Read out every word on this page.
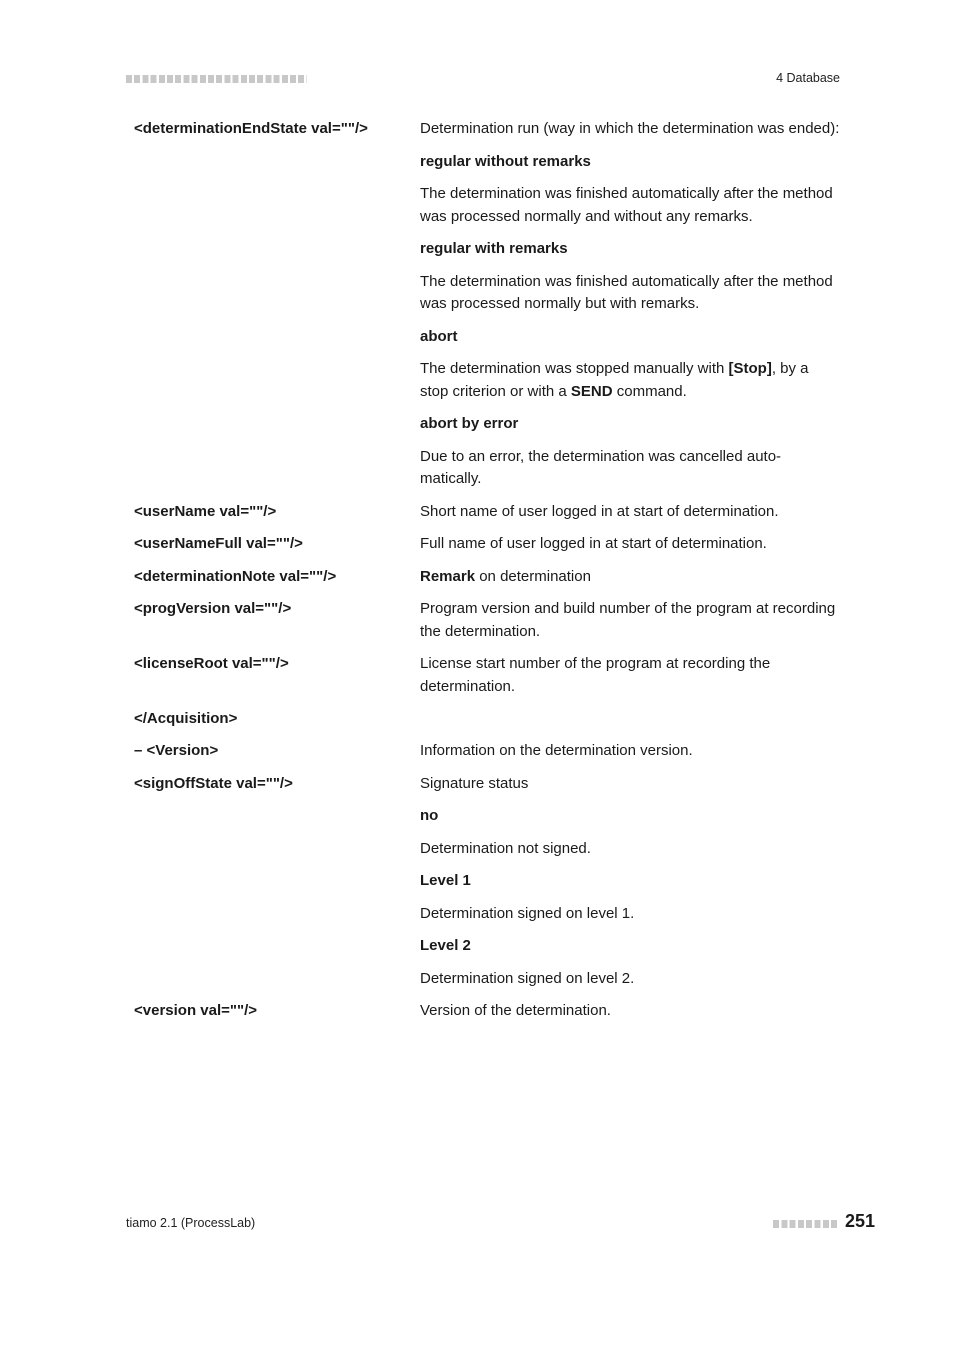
4 Database
<determinationEndState val=""/>	Determination run (way in which the determination was ended):

regular without remarks

The determination was finished automatically after the method was processed normally and without any remarks.

regular with remarks

The determination was finished automatically after the method was processed normally but with remarks.

abort

The determination was stopped manually with [Stop], by a stop criterion or with a SEND command.

abort by error

Due to an error, the determination was cancelled auto-matically.

<userName val=""/>	Short name of user logged in at start of determination.

<userNameFull val=""/>	Full name of user logged in at start of determination.

<determinationNote val=""/>	Remark on determination

<progVersion val=""/>	Program version and build number of the program at recording the determination.

<licenseRoot val=""/>	License start number of the program at recording the determination.

</Acquisition>
– <Version>	Information on the determination version.

<signOffState val=""/>	Signature status

no

Determination not signed.

Level 1

Determination signed on level 1.

Level 2

Determination signed on level 2.

<version val=""/>	Version of the determination.

tiamo 2.1 (ProcessLab)	251
